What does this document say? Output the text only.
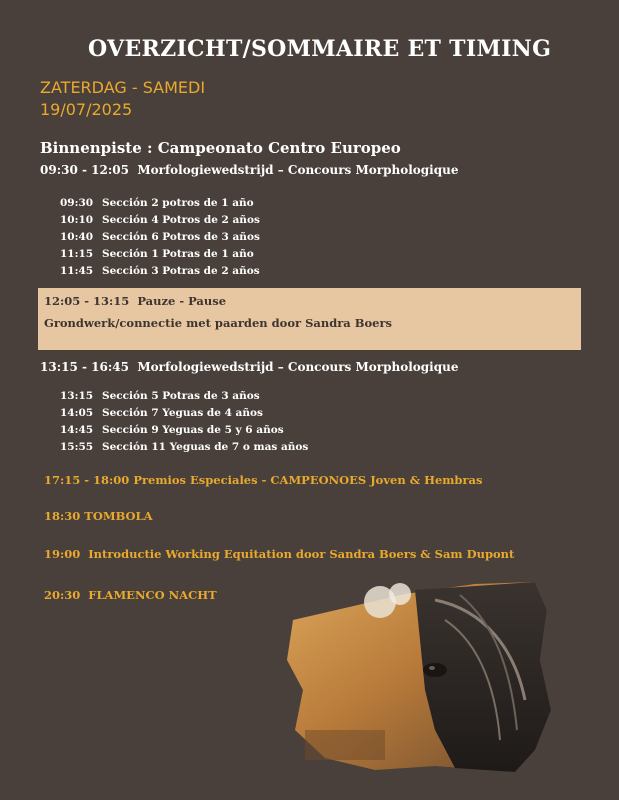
OVERZICHT/SOMMAIRE ET TIMING
ZATERDAG - SAMEDI
19/07/2025
Binnenpiste : Campeonato Centro Europeo
09:30 - 12:05 Morfologiewedstrijd – Concours Morphologique
09:30 Sección 2 potros de 1 año
10:10 Sección 4 Potros de 2 años
10:40 Sección 6 Potros de 3 años
11:15 Sección 1 Potras de 1 año
11:45 Sección 3 Potras de 2 años
12:05 - 13:15 Pauze - Pause
Grondwerk/connectie met paarden door Sandra Boers
13:15 - 16:45 Morfologiewedstrijd – Concours Morphologique
13:15 Sección 5 Potras de 3 años
14:05 Sección 7 Yeguas de 4 años
14:45 Sección 9 Yeguas de 5 y 6 años
15:55 Sección 11 Yeguas de 7 o mas años
17:15 - 18:00 Premios Especiales - CAMPEONOES Joven & Hembras
18:30 TOMBOLA
19:00 Introductie Working Equitation door Sandra Boers & Sam Dupont
20:30 FLAMENCO NACHT
